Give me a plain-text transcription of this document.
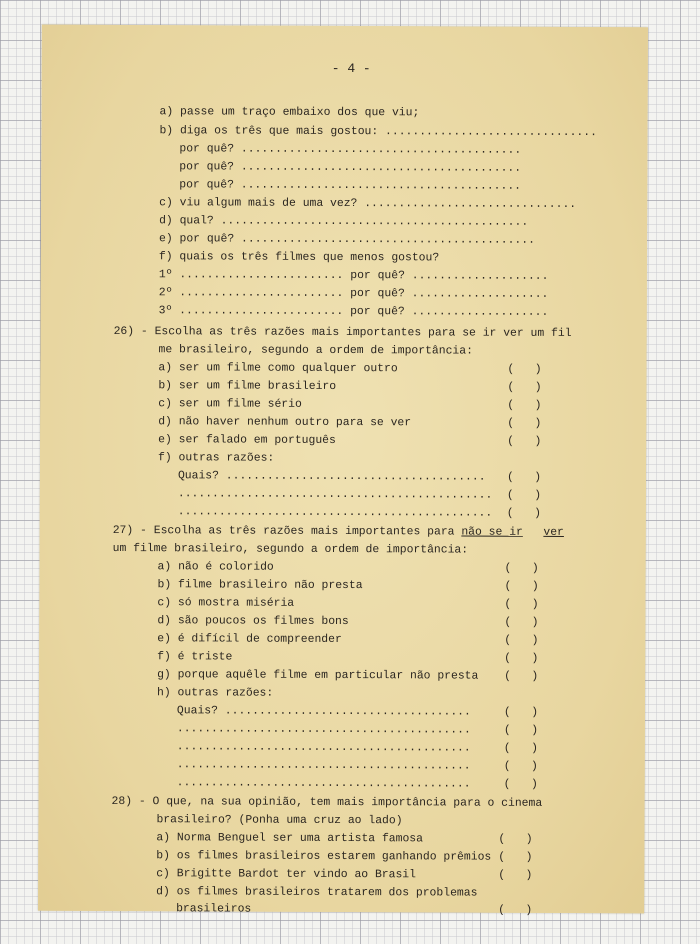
- 4 -
a) passe um traço embaixo dos que viu;
b) diga os três que mais gostou: ...............................
por quê? .........................................
por quê? .........................................
por quê? .........................................
c) viu algum mais de uma vez? ...............................
d) qual? .............................................
e) por quê? ...........................................
f) quais os três filmes que menos gostou?
1º ........................ por quê? ....................
2º ........................ por quê? ....................
3º ........................ por quê? ....................
26) - Escolha as três razões mais importantes para se ir ver um fil
me brasileiro, segundo a ordem de importância:
a) ser um filme como qualquer outro
b) ser um filme brasileiro
c) ser um filme sério
d) não haver nenhum outro para se ver
e) ser falado em português
f) outras razões:
Quais? ......................................
..............................................
..............................................
(   )
(   )
(   )
(   )
(   )
(   )
(   )
(   )
27) - Escolha as três razões mais importantes para não se ir ver
um filme brasileiro, segundo a ordem de importância:
a) não é colorido
b) filme brasileiro não presta
c) só mostra miséria
d) são poucos os filmes bons
e) é difícil de compreender
f) é triste
g) porque aquêle filme em particular não presta
h) outras razões:
Quais? ....................................
...........................................
...........................................
...........................................
...........................................
(   )
(   )
(   )
(   )
(   )
(   )
(   )
(   )
(   )
(   )
(   )
(   )
28) - O que, na sua opinião, tem mais importância para o cinema
brasileiro? (Ponha uma cruz ao lado)
a) Norma Benguel ser uma artista famosa
b) os filmes brasileiros estarem ganhando prêmios
c) Brigitte Bardot ter vindo ao Brasil
d) os filmes brasileiros tratarem dos problemas
brasileiros
(   )
(   )
(   )
(   )
